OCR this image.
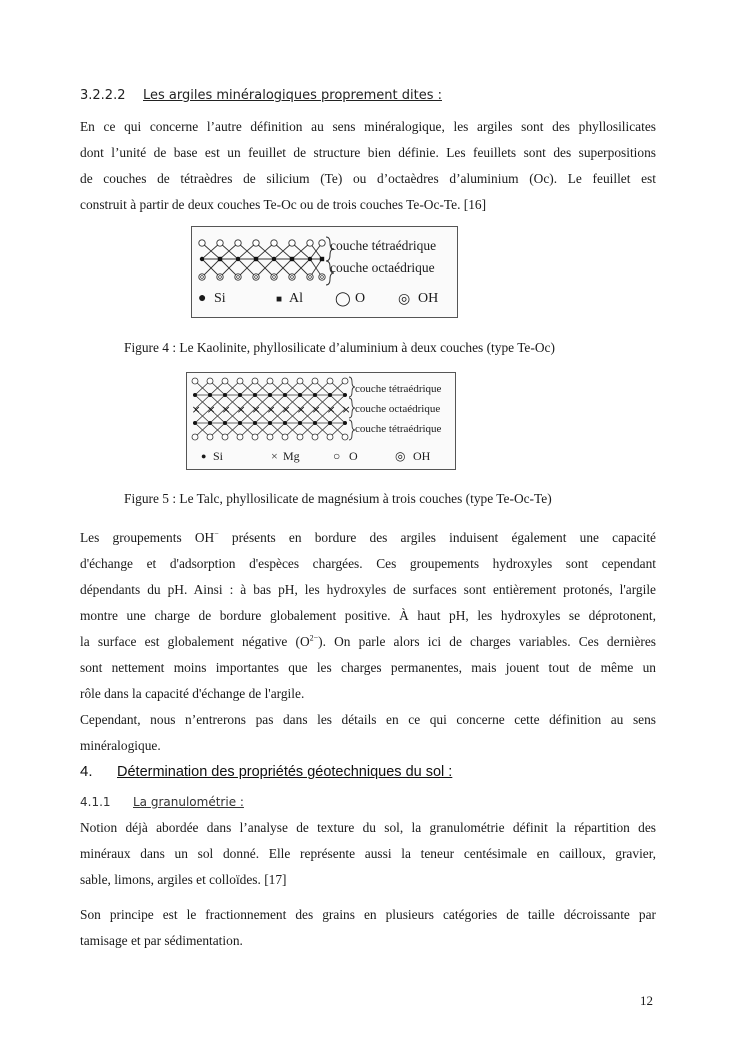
3.2.2.2 Les argiles minéralogiques proprement dites :
En ce qui concerne l’autre définition au sens minéralogique, les argiles sont des phyllosilicates
dont l’unité de base est un feuillet de structure bien définie. Les feuillets sont des superpositions
de couches de tétraèdres de silicium (Te) ou d’octaèdres d’aluminium (Oc). Le feuillet est
construit à partir de deux couches Te-Oc ou de trois couches Te-Oc-Te. [16]
couche tétraédrique
couche octaédrique
● Si	■ Al ◯ O ◎ OH
Figure 4 : Le Kaolinite, phyllosilicate d’aluminium à deux couches (type Te-Oc)
× × × × × × × × × × ×
couche tétraédrique
couche octaédrique
couche tétraédrique
● Si	× Mg	○ O	◎ OH
Figure 5 : Le Talc, phyllosilicate de magnésium à trois couches (type Te-Oc-Te)
Les groupements OH− présents en bordure des argiles induisent également une capacité
d'échange et d'adsorption d'espèces chargées. Ces groupements hydroxyles sont cependant
dépendants du pH. Ainsi : à bas pH, les hydroxyles de surfaces sont entièrement protonés, l'argile
montre une charge de bordure globalement positive. À haut pH, les hydroxyles se déprotonent,
la surface est globalement négative $(O^{2-})$. On parle alors ici de charges variables. Ces dernières
sont nettement moins importantes que les charges permanentes, mais jouent tout de même un
rôle dans la capacité d'échange de l'argile.
Cependant, nous n’entrerons pas dans les détails en ce qui concerne cette définition au sens
minéralogique.
4. Détermination des propriétés géotechniques du sol :
4.1.1 La granulométrie :
Notion déjà abordée dans l’analyse de texture du sol, la granulométrie définit la répartition des
minéraux dans un sol donné. Elle représente aussi la teneur centésimale en cailloux, gravier,
sable, limons, argiles et colloïdes. [17]
Son principe est le fractionnement des grains en plusieurs catégories de taille décroissante par
tamisage et par sédimentation.
12
